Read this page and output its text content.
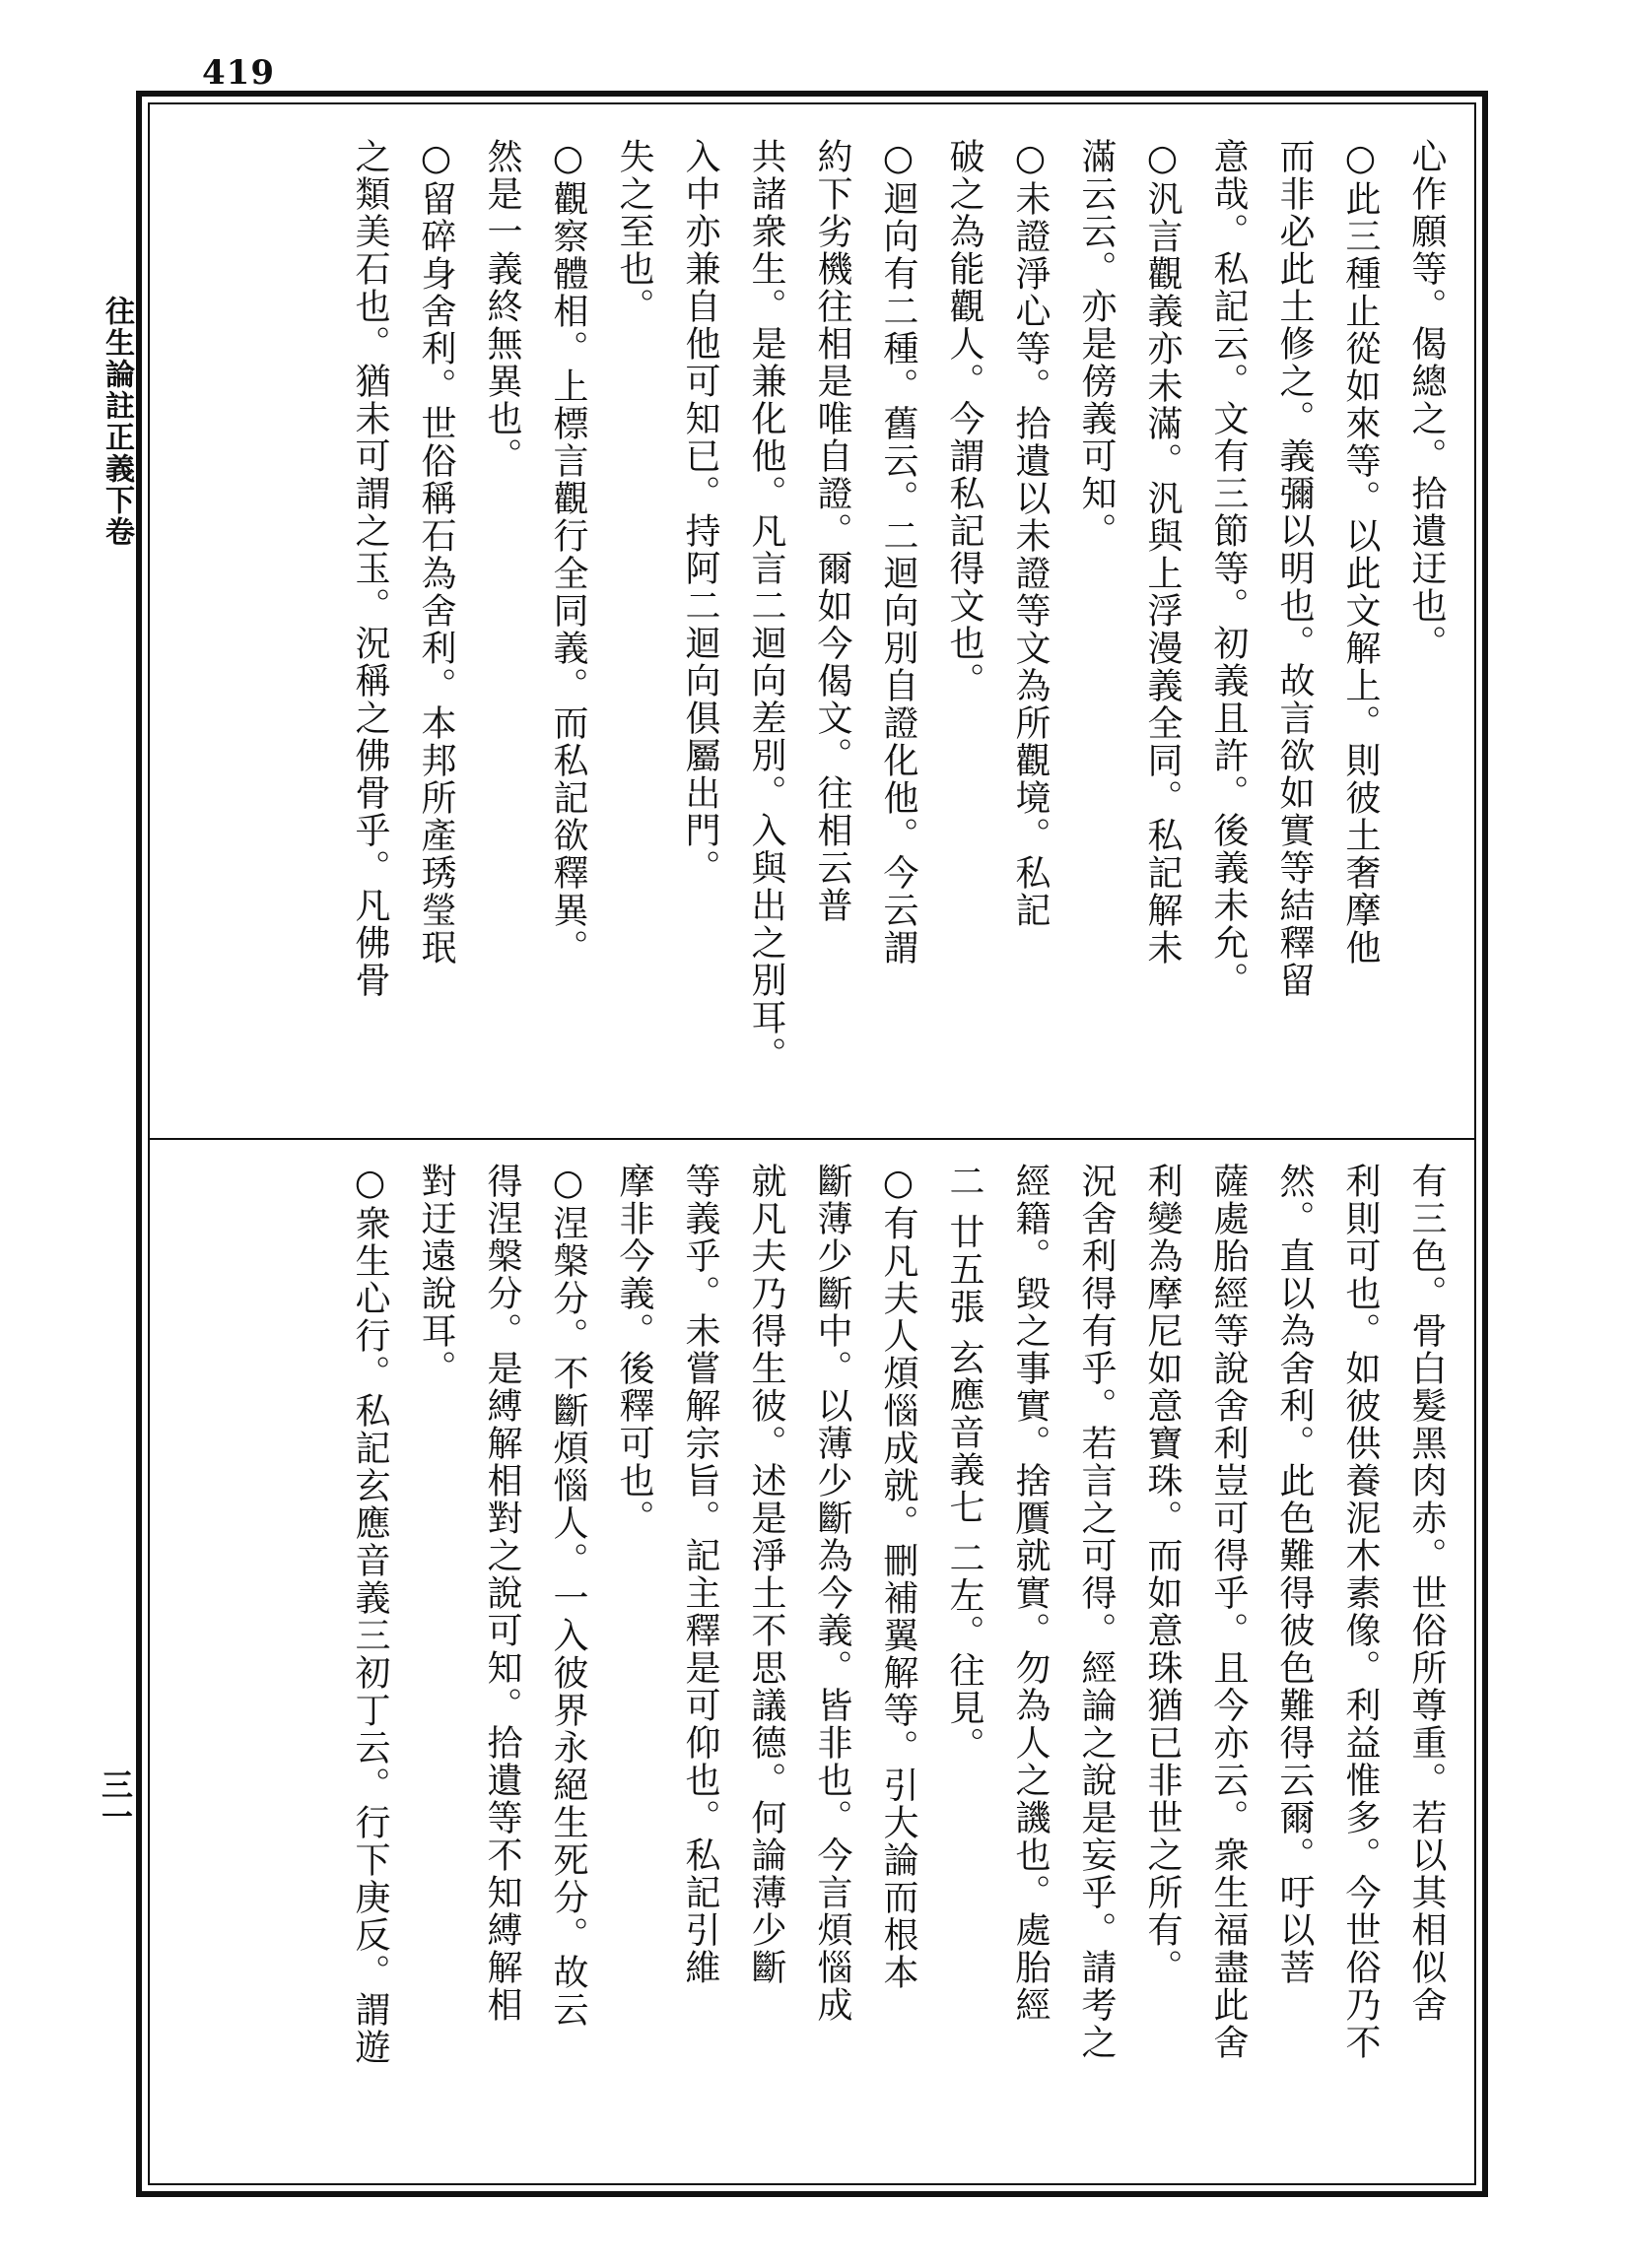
419
往生論註正義下卷
三一
心作願等。偈總之。拾遺迂也。
○此三種止從如來等。以此文解上。則彼土奢摩他
而非必此土修之。義彌以明也。故言欲如實等結釋留
意哉。私記云。文有三節等。初義且許。後義未允。
○汎言觀義亦未滿。汎與上浮漫義全同。私記解未
滿云云。亦是傍義可知。
○未證淨心等。拾遺以未證等文為所觀境。私記
破之為能觀人。今謂私記得文也。
○迴向有二種。舊云。二迴向別自證化他。今云謂
約下劣機往相是唯自證。爾如今偈文。往相云普
共諸衆生。是兼化他。凡言二迴向差別。入與出之別耳。
入中亦兼自他可知已。持阿二迴向俱屬出門。
失之至也。
○觀察體相。上標言觀行全同義。而私記欲釋異。
然是一義終無異也。
○留碎身舍利。世俗稱石為舍利。本邦所產琇瑩珉
之類美石也。猶未可謂之玉。況稱之佛骨乎。凡佛骨
有三色。骨白髮黑肉赤。世俗所尊重。若以其相似舍
利則可也。如彼供養泥木素像。利益惟多。今世俗乃不
然。直以為舍利。此色難得彼色難得云爾。吁以菩
薩處胎經等說舍利豈可得乎。且今亦云。衆生福盡此舍
利變為摩尼如意寶珠。而如意珠猶已非世之所有。
況舍利得有乎。若言之可得。經論之說是妄乎。請考之
經籍。毀之事實。捨贋就實。勿為人之譏也。處胎經
二 廿五張 玄應音義七 二左。往見。
○有凡夫人煩惱成就。刪補翼解等。引大論而根本
斷薄少斷中。以薄少斷為今義。皆非也。今言煩惱成
就凡夫乃得生彼。述是淨土不思議德。何論薄少斷
等義乎。未嘗解宗旨。記主釋是可仰也。私記引維
摩非今義。後釋可也。
○涅槃分。不斷煩惱人。一入彼界永絕生死分。故云
得涅槃分。是縛解相對之說可知。拾遺等不知縛解相
對迂遠說耳。
○衆生心行。私記玄應音義三初丁云。行下庚反。謂遊
